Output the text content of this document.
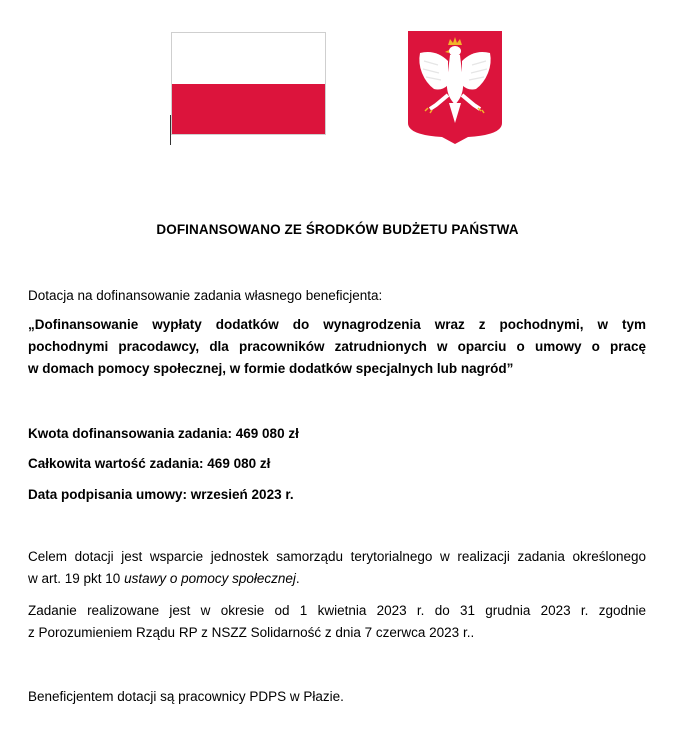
DOFINANSOWANO ZE ŚRODKÓW BUDŻETU PAŃSTWA
Dotacja na dofinansowanie zadania własnego beneficjenta:
„Dofinansowanie wypłaty dodatków do wynagrodzenia wraz z pochodnymi, w tym
pochodnymi pracodawcy, dla pracowników zatrudnionych w oparciu o umowy o pracę
w domach pomocy społecznej, w formie dodatków specjalnych lub nagród”
Kwota dofinansowania zadania: 469 080 zł
Całkowita wartość zadania: 469 080 zł
Data podpisania umowy: wrzesień 2023 r.
Celem dotacji jest wsparcie jednostek samorządu terytorialnego w realizacji zadania określonego
w art. 19 pkt 10 ustawy o pomocy społecznej.
Zadanie realizowane jest w okresie od 1 kwietnia 2023 r. do 31 grudnia 2023 r. zgodnie
z Porozumieniem Rządu RP z NSZZ Solidarność z dnia 7 czerwca 2023 r..
Beneficjentem dotacji są pracownicy PDPS w Płazie.
